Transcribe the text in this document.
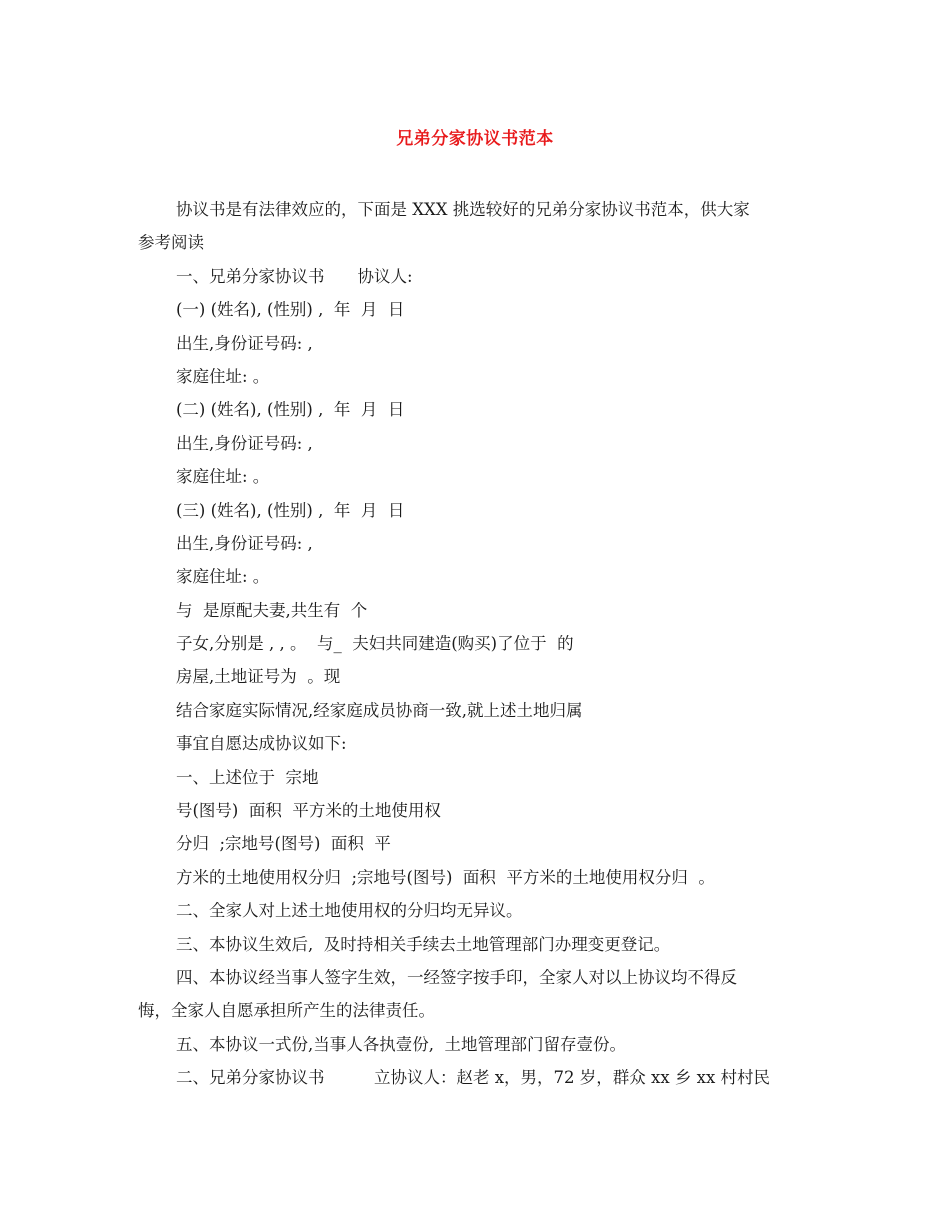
兄弟分家协议书范本
协议书是有法律效应的，下面是 XXX 挑选较好的兄弟分家协议书范本，供大家
参考阅读
一、兄弟分家协议书　　协议人:
(一) (姓名), (性别) ,  年  月  日
出生,身份证号码: ,
家庭住址: 。
(二) (姓名), (性别) ,  年  月  日
出生,身份证号码: ,
家庭住址: 。
(三) (姓名), (性别) ,  年  月  日
出生,身份证号码: ,
家庭住址: 。
与  是原配夫妻,共生有  个
子女,分别是 , , 。  与_  夫妇共同建造(购买)了位于  的
房屋,土地证号为  。现
结合家庭实际情况,经家庭成员协商一致,就上述土地归属
事宜自愿达成协议如下:
一、上述位于  宗地
号(图号)  面积  平方米的土地使用权
分归  ;宗地号(图号)  面积  平
方米的土地使用权分归  ;宗地号(图号)  面积  平方米的土地使用权分归  。
二、全家人对上述土地使用权的分归均无异议。
三、本协议生效后,  及时持相关手续去土地管理部门办理变更登记。
四、本协议经当事人签字生效，一经签字按手印，全家人对以上协议均不得反
悔，全家人自愿承担所产生的法律责任。
五、本协议一式份,当事人各执壹份,  土地管理部门留存壹份。
二、兄弟分家协议书　　　立协议人：赵老 x，男，72 岁，群众 xx 乡 xx 村村民
